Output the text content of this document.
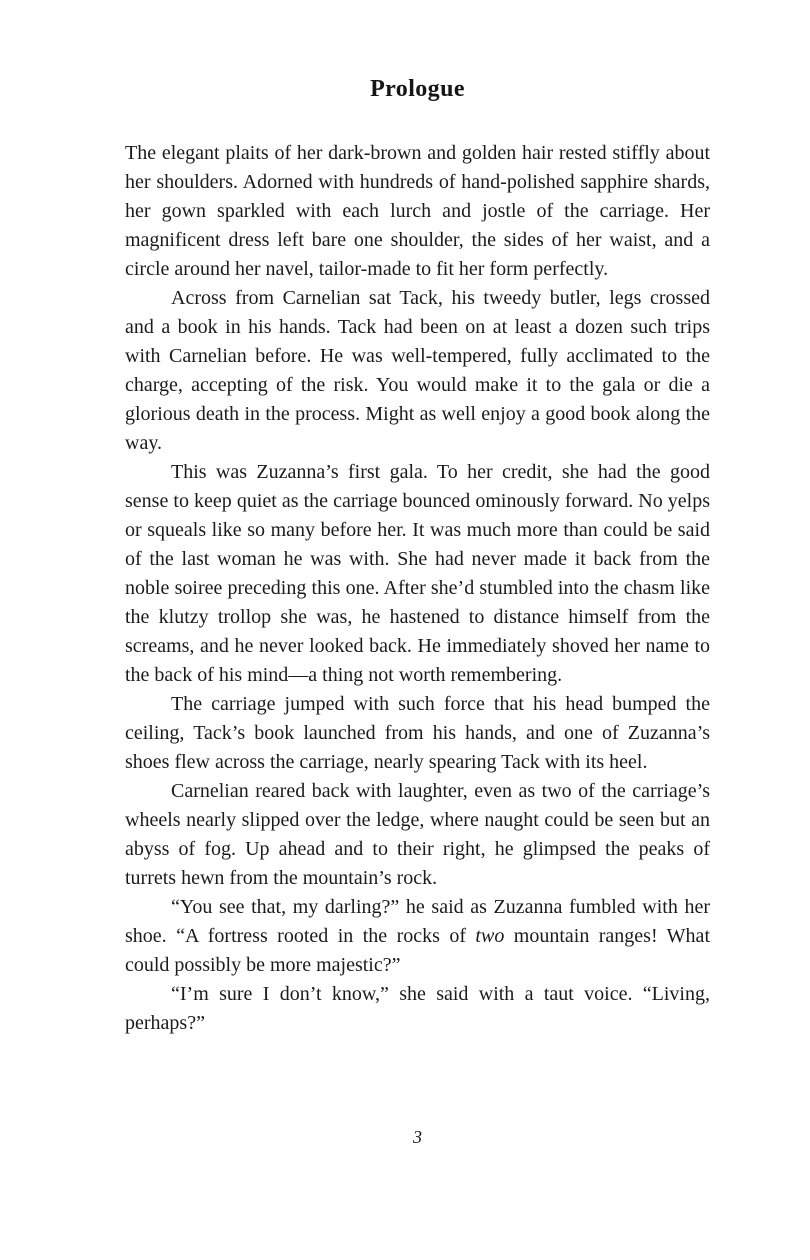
Prologue

The elegant plaits of her dark-brown and golden hair rested stiffly about her shoulders. Adorned with hundreds of hand-polished sapphire shards, her gown sparkled with each lurch and jostle of the carriage. Her magnificent dress left bare one shoulder, the sides of her waist, and a circle around her navel, tailor-made to fit her form perfectly.

Across from Carnelian sat Tack, his tweedy butler, legs crossed and a book in his hands. Tack had been on at least a dozen such trips with Carnelian before. He was well-tempered, fully acclimated to the charge, accepting of the risk. You would make it to the gala or die a glorious death in the process. Might as well enjoy a good book along the way.

This was Zuzanna’s first gala. To her credit, she had the good sense to keep quiet as the carriage bounced ominously forward. No yelps or squeals like so many before her. It was much more than could be said of the last woman he was with. She had never made it back from the noble soiree preceding this one. After she’d stumbled into the chasm like the klutzy trollop she was, he hastened to distance himself from the screams, and he never looked back. He immediately shoved her name to the back of his mind—a thing not worth remembering.

The carriage jumped with such force that his head bumped the ceiling, Tack’s book launched from his hands, and one of Zuzanna’s shoes flew across the carriage, nearly spearing Tack with its heel.

Carnelian reared back with laughter, even as two of the carriage’s wheels nearly slipped over the ledge, where naught could be seen but an abyss of fog. Up ahead and to their right, he glimpsed the peaks of turrets hewn from the mountain’s rock.

“You see that, my darling?” he said as Zuzanna fumbled with her shoe. “A fortress rooted in the rocks of two mountain ranges! What could possibly be more majestic?”

“I’m sure I don’t know,” she said with a taut voice. “Living, perhaps?”

3
